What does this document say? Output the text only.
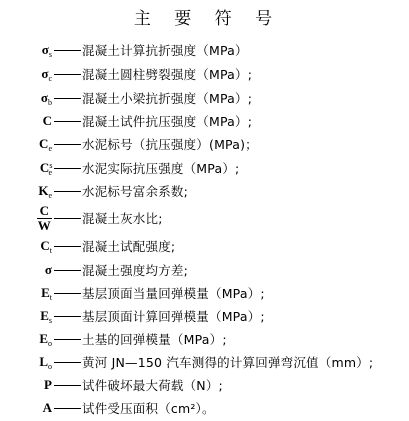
主 要 符 号
$\sigma_s$ 混凝土计算抗折强度（MPa）
$\sigma_c$ 混凝土圆柱劈裂强度（MPa）;
$\sigma_b$ 混凝土小梁抗折强度（MPa）;
C 混凝土试件抗压强度（MPa）;
$C_e$ 水泥标号（抗压强度）(MPa)；
$C^s_e$ 水泥实际抗压强度（MPa）;
$K_e$ 水泥标号富余系数;
$\frac{C}{W}$ 混凝土灰水比;
$C_t$ 混凝土试配强度;
σ 混凝土强度均方差;
$E_t$ 基层顶面当量回弹模量（MPa）;
$E_s$ 基层顶面计算回弹模量（MPa）;
$E_o$ 土基的回弹模量（MPa）;
$L_o$ 黄河 JN—150 汽车测得的计算回弹弯沉值（mm）;
P 试件破坏最大荷载（N）;
A 试件受压面积（cm²）。
